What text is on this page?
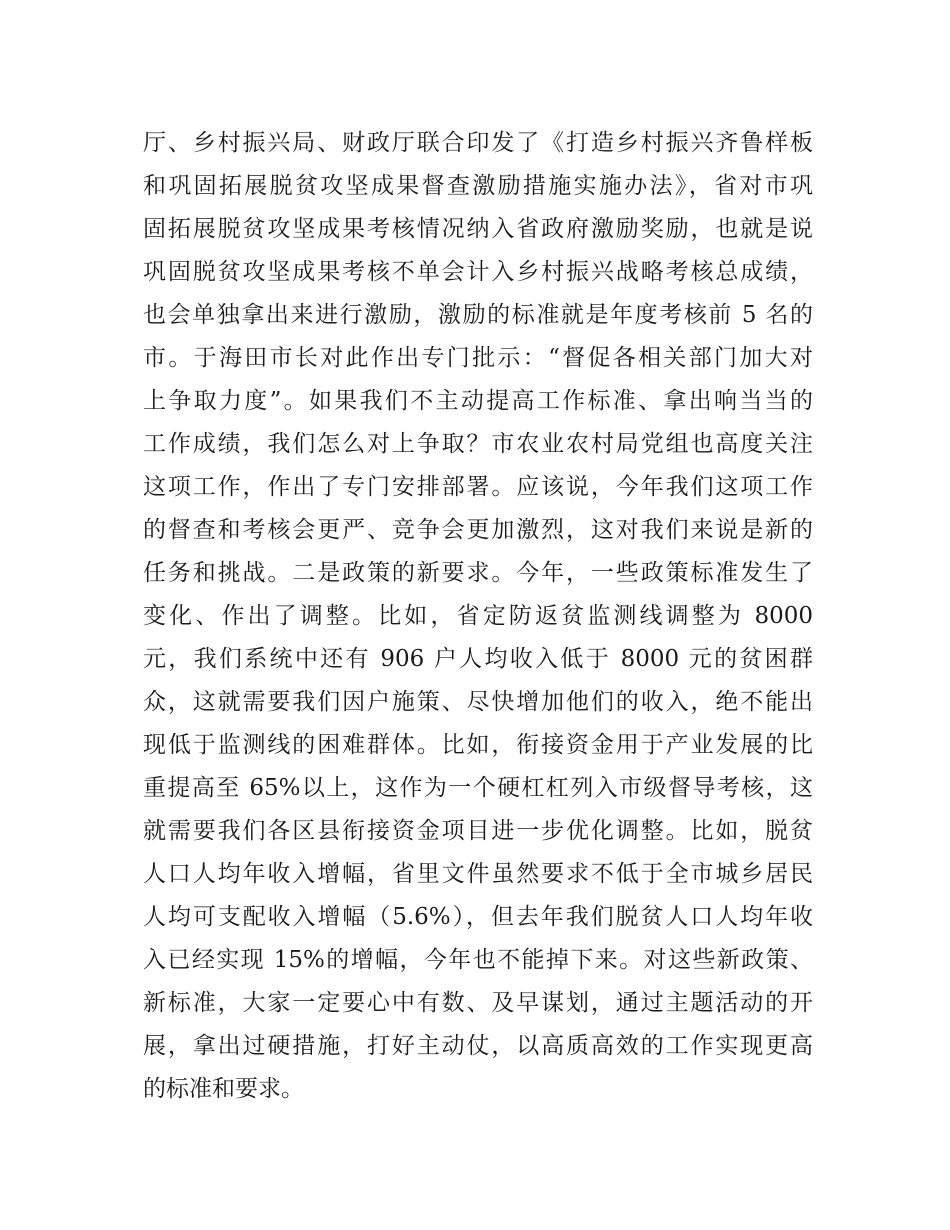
厅、乡村振兴局、财政厅联合印发了《打造乡村振兴齐鲁样板
和巩固拓展脱贫攻坚成果督查激励措施实施办法》，省对市巩
固拓展脱贫攻坚成果考核情况纳入省政府激励奖励，也就是说
巩固脱贫攻坚成果考核不单会计入乡村振兴战略考核总成绩，
也会单独拿出来进行激励，激励的标准就是年度考核前 5 名的
市。于海田市长对此作出专门批示：“督促各相关部门加大对
上争取力度”。如果我们不主动提高工作标准、拿出响当当的
工作成绩，我们怎么对上争取？市农业农村局党组也高度关注
这项工作，作出了专门安排部署。应该说，今年我们这项工作
的督查和考核会更严、竞争会更加激烈，这对我们来说是新的
任务和挑战。二是政策的新要求。今年，一些政策标准发生了
变化、作出了调整。比如，省定防返贫监测线调整为 8000
元，我们系统中还有 906 户人均收入低于 8000 元的贫困群
众，这就需要我们因户施策、尽快增加他们的收入，绝不能出
现低于监测线的困难群体。比如，衔接资金用于产业发展的比
重提高至 65%以上，这作为一个硬杠杠列入市级督导考核，这
就需要我们各区县衔接资金项目进一步优化调整。比如，脱贫
人口人均年收入增幅，省里文件虽然要求不低于全市城乡居民
人均可支配收入增幅（5.6%），但去年我们脱贫人口人均年收
入已经实现 15%的增幅，今年也不能掉下来。对这些新政策、
新标准，大家一定要心中有数、及早谋划，通过主题活动的开
展，拿出过硬措施，打好主动仗，以高质高效的工作实现更高
的标准和要求。
